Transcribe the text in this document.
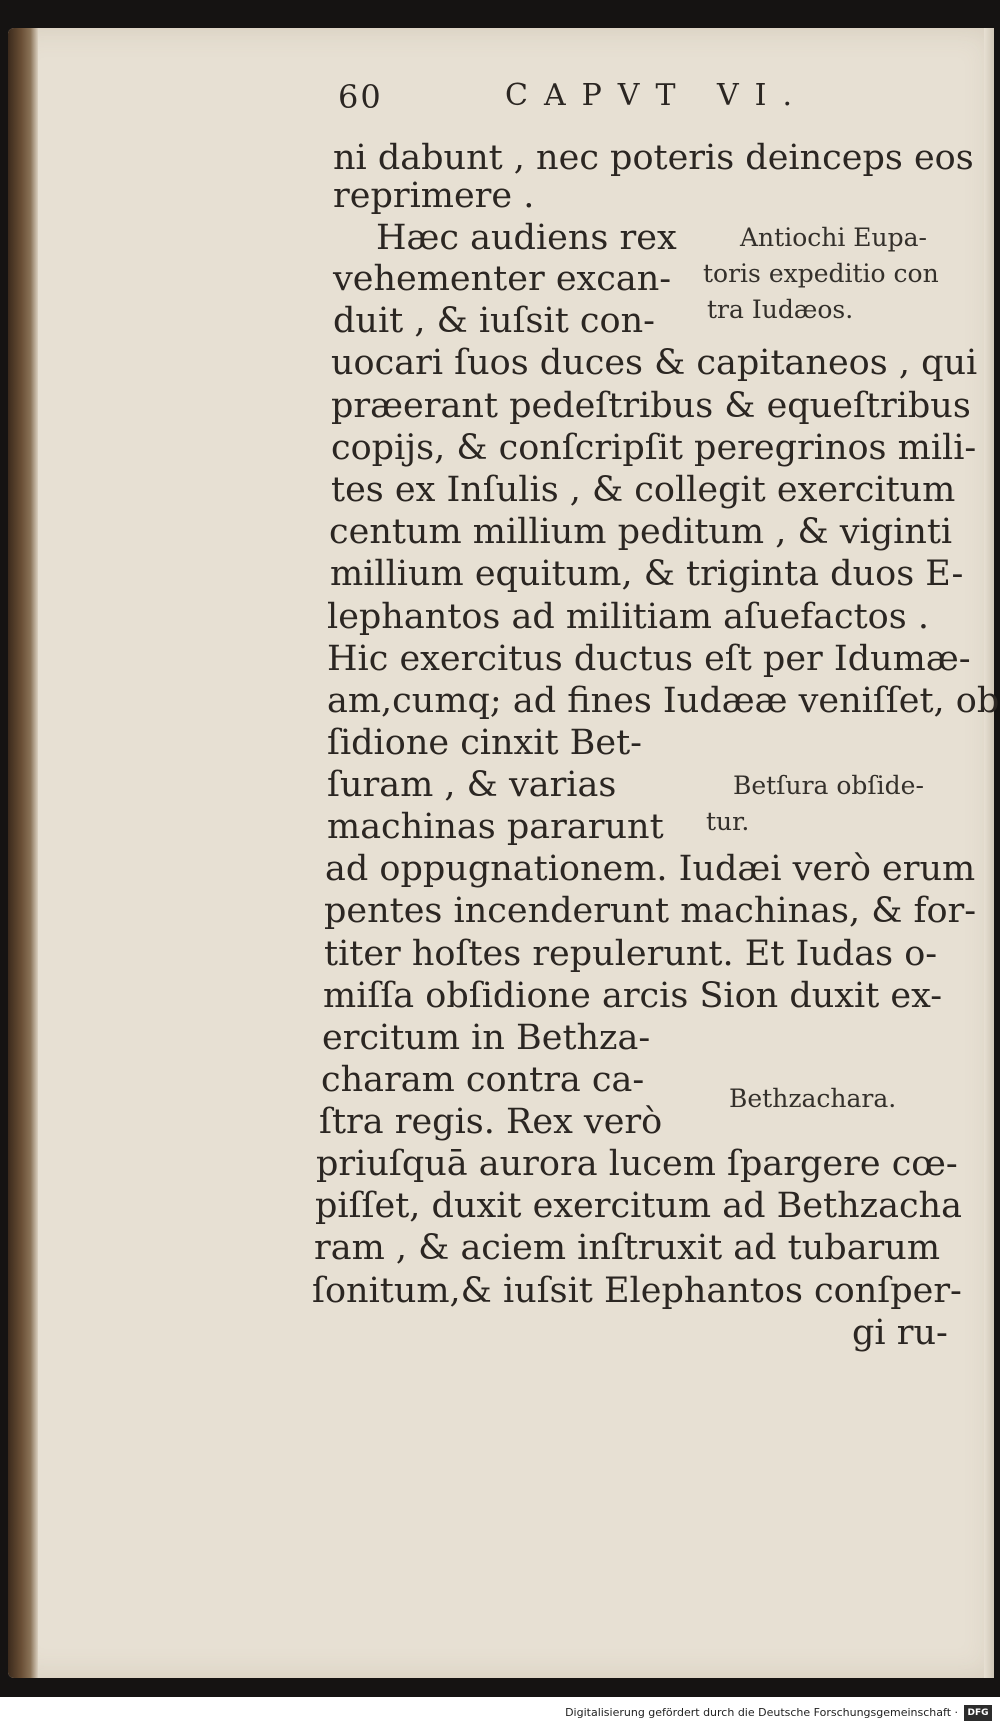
60	CAPVT VI.
ni dabunt , nec poteris deinceps eos
reprimere .
Hæc audiens rex
vehementer excan-
duit , & iuſsit con-
uocari ſuos duces & capitaneos , qui
præerant pedeſtribus & equeſtribus
copijs, & conſcripſit peregrinos mili-
tes ex Inſulis , & collegit exercitum
centum millium peditum , & viginti
millium equitum, & triginta duos E-
lephantos ad militiam aſuefactos .
Hic exercitus ductus eſt per Idumæ-
am,cumq; ad fines Iudææ veniſſet, ob
ſidione cinxit Bet-
ſuram , & varias
machinas pararunt
ad oppugnationem. Iudæi verò erum
pentes incenderunt machinas, & for-
titer hoſtes repulerunt. Et Iudas o-
miſſa obſidione arcis Sion duxit ex-
ercitum in Bethza-
charam contra ca-
ſtra regis. Rex verò
priuſquā aurora lucem ſpargere cœ-
piſſet, duxit exercitum ad Bethzacha
ram , & aciem inſtruxit ad tubarum
ſonitum,& iuſsit Elephantos conſper-
gi ru-
Antiochi Eupa-
toris expeditio con
tra Iudæos.
Betſura obſide-
tur.
Bethzachara.
Digitalisierung gefördert durch die Deutsche Forschungsgemeinschaft ·	DFG
